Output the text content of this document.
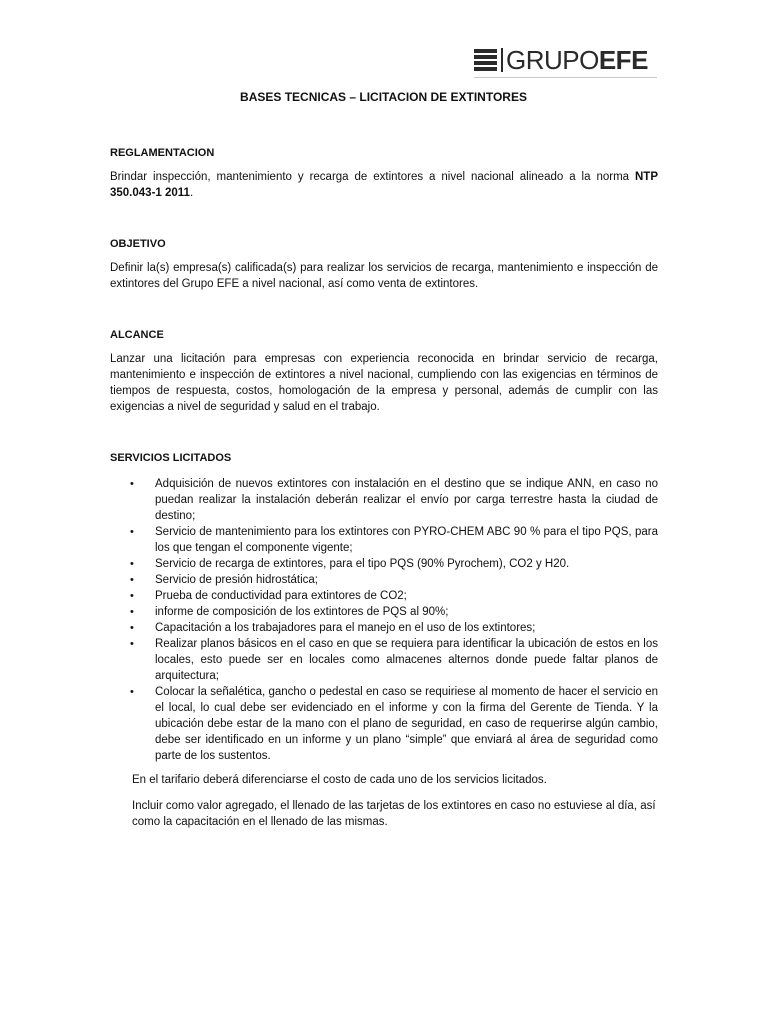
GRUPOEFE
BASES TECNICAS – LICITACION DE EXTINTORES

REGLAMENTACION

Brindar inspección, mantenimiento y recarga de extintores a nivel nacional alineado a la norma NTP 350.043-1 2011.

OBJETIVO

Definir la(s) empresa(s) calificada(s) para realizar los servicios de recarga, mantenimiento e inspección de extintores del Grupo EFE a nivel nacional, así como venta de extintores.

ALCANCE

Lanzar una licitación para empresas con experiencia reconocida en brindar servicio de recarga, mantenimiento e inspección de extintores a nivel nacional, cumpliendo con las exigencias en términos de tiempos de respuesta, costos, homologación de la empresa y personal, además de cumplir con las exigencias a nivel de seguridad y salud en el trabajo.

SERVICIOS LICITADOS

• Adquisición de nuevos extintores con instalación en el destino que se indique ANN, en caso no puedan realizar la instalación deberán realizar el envío por carga terrestre hasta la ciudad de destino;
• Servicio de mantenimiento para los extintores con PYRO-CHEM ABC 90 % para el tipo PQS, para los que tengan el componente vigente;
• Servicio de recarga de extintores, para el tipo PQS (90% Pyrochem), CO2 y H20.
• Servicio de presión hidrostática;
• Prueba de conductividad para extintores de CO2;
• informe de composición de los extintores de PQS al 90%;
• Capacitación a los trabajadores para el manejo en el uso de los extintores;
• Realizar planos básicos en el caso en que se requiera para identificar la ubicación de estos en los locales, esto puede ser en locales como almacenes alternos donde puede faltar planos de arquitectura;
• Colocar la señalética, gancho o pedestal en caso se requiriese al momento de hacer el servicio en el local, lo cual debe ser evidenciado en el informe y con la firma del Gerente de Tienda. Y la ubicación debe estar de la mano con el plano de seguridad, en caso de requerirse algún cambio, debe ser identificado en un informe y un plano “simple” que enviará al área de seguridad como parte de los sustentos.

En el tarifario deberá diferenciarse el costo de cada uno de los servicios licitados.

Incluir como valor agregado, el llenado de las tarjetas de los extintores en caso no estuviese al día, así como la capacitación en el llenado de las mismas.
